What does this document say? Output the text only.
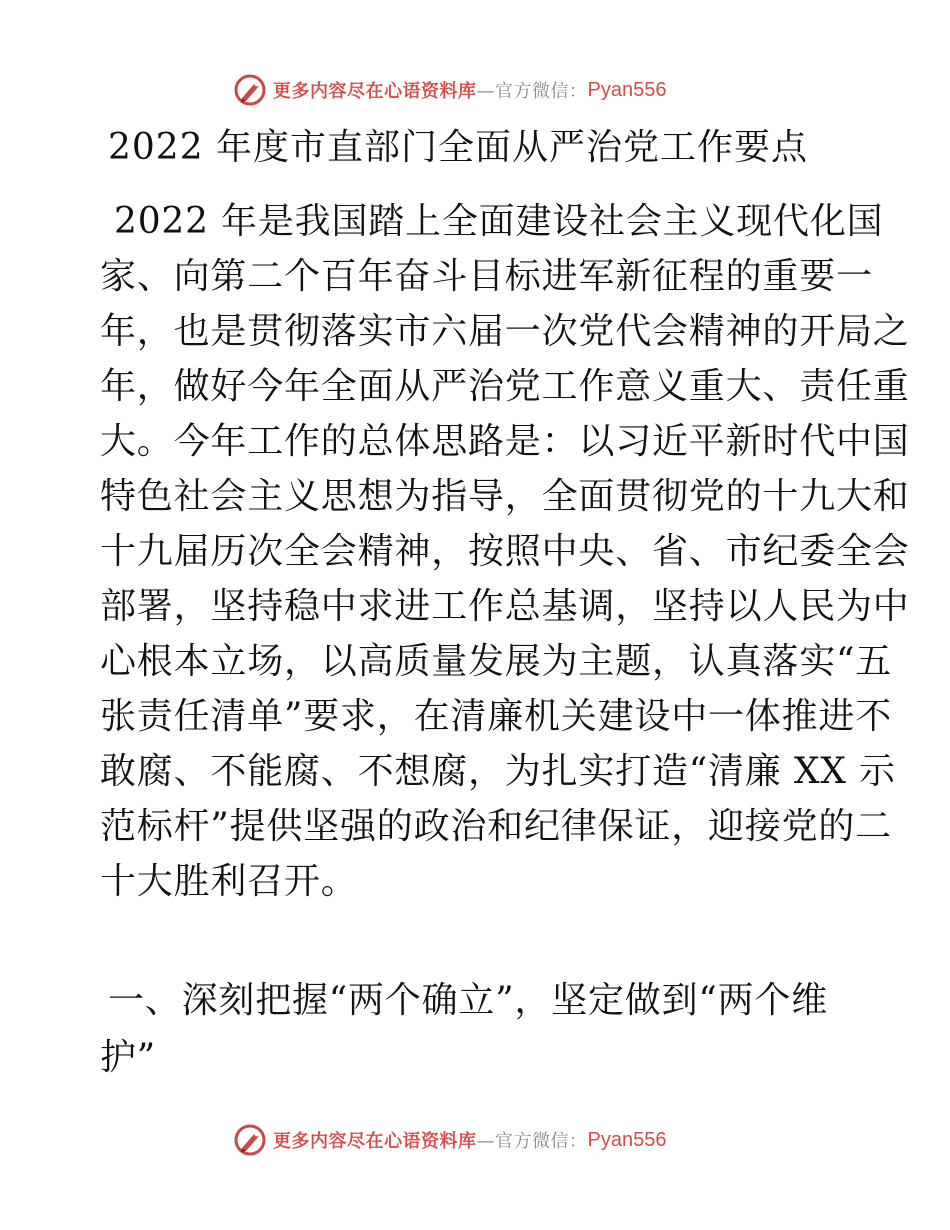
更多内容尽在心语资料库 —官方微信： Pyan556
2022 年度市直部门全面从严治党工作要点
2022 年是我国踏上全面建设社会主义现代化国
家、向第二个百年奋斗目标进军新征程的重要一
年，也是贯彻落实市六届一次党代会精神的开局之
年，做好今年全面从严治党工作意义重大、责任重
大。今年工作的总体思路是：以习近平新时代中国
特色社会主义思想为指导，全面贯彻党的十九大和
十九届历次全会精神，按照中央、省、市纪委全会
部署，坚持稳中求进工作总基调，坚持以人民为中
心根本立场，以高质量发展为主题，认真落实“五
张责任清单”要求，在清廉机关建设中一体推进不
敢腐、不能腐、不想腐，为扎实打造“清廉 XX 示
范标杆”提供坚强的政治和纪律保证，迎接党的二
十大胜利召开。
一、深刻把握“两个确立”，坚定做到“两个维
护”
更多内容尽在心语资料库 —官方微信： Pyan556
